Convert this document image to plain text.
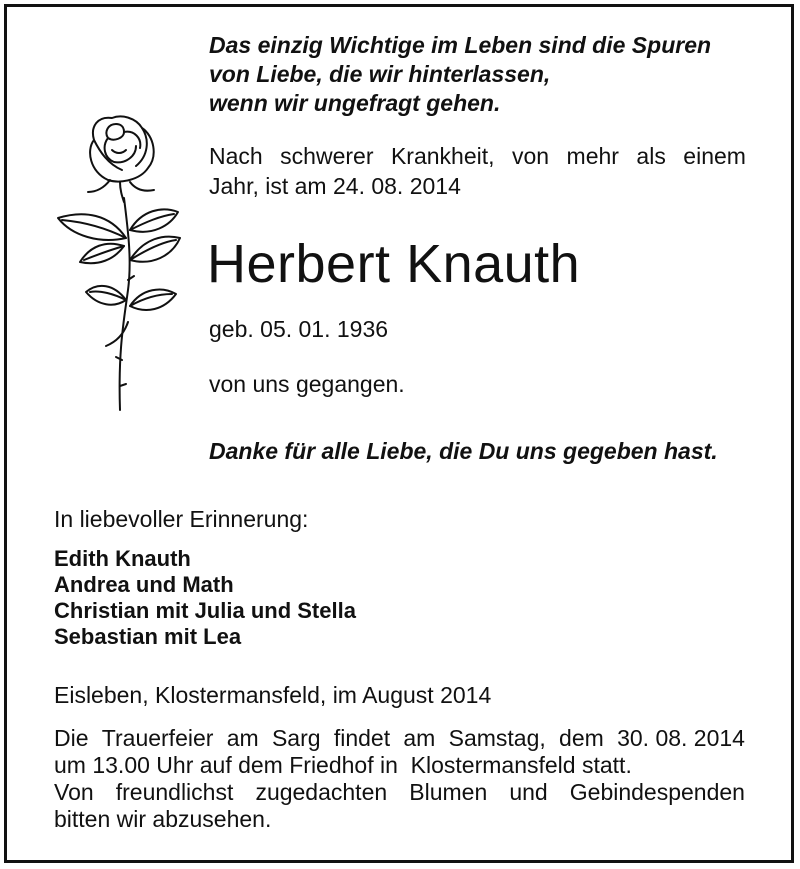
Das einzig Wichtige im Leben sind die Spuren
von Liebe, die wir hinterlassen,
wenn wir ungefragt gehen.
Nach schwerer Krankheit, von mehr als einem
Jahr, ist am 24. 08. 2014
Herbert Knauth
geb. 05. 01. 1936
von uns gegangen.
Danke für alle Liebe, die Du uns gegeben hast.
In liebevoller Erinnerung:
Edith Knauth
Andrea und Math
Christian mit Julia und Stella
Sebastian mit Lea
Eisleben, Klostermansfeld, im August 2014
Die Trauerfeier am Sarg findet am Samstag, dem 30. 08. 2014
um 13.00 Uhr auf dem Friedhof in  Klostermansfeld statt.
Von freundlichst zugedachten Blumen und Gebindespenden
bitten wir abzusehen.
